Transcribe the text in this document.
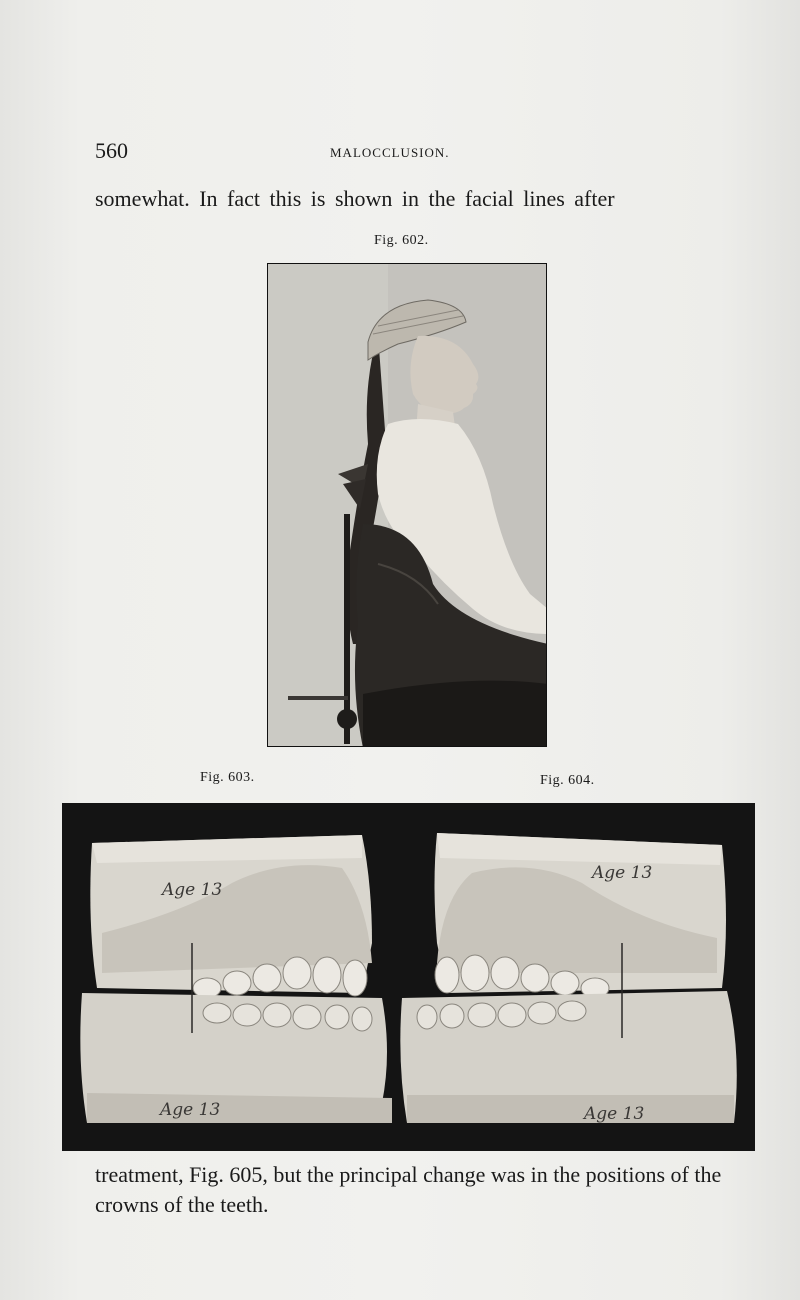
560	MALOCCLUSION.
somewhat. In fact this is shown in the facial lines after
Fig. 602.
Fig. 603.	Fig. 604.
Age 13
Age 13
Age 13
Age 13
treatment, Fig. 605, but the principal change was in the positions of the crowns of the teeth.
